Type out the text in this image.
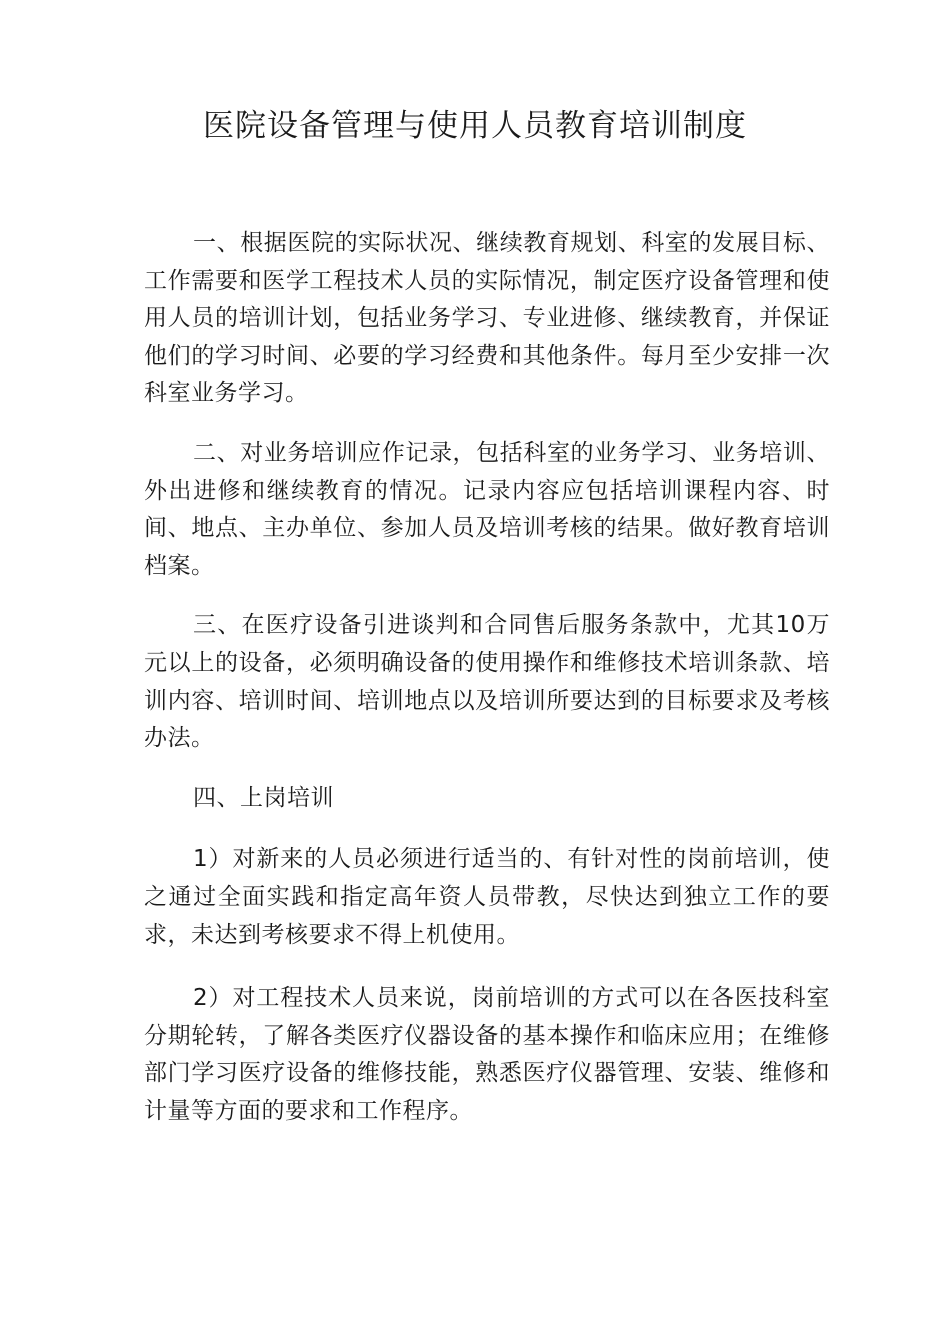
医院设备管理与使用人员教育培训制度

一、根据医院的实际状况、继续教育规划、科室的发展目标、工作需要和医学工程技术人员的实际情况，制定医疗设备管理和使用人员的培训计划，包括业务学习、专业进修、继续教育，并保证他们的学习时间、必要的学习经费和其他条件。每月至少安排一次科室业务学习。

二、对业务培训应作记录，包括科室的业务学习、业务培训、外出进修和继续教育的情况。记录内容应包括培训课程内容、时间、地点、主办单位、参加人员及培训考核的结果。做好教育培训档案。

三、在医疗设备引进谈判和合同售后服务条款中，尤其10万元以上的设备，必须明确设备的使用操作和维修技术培训条款、培训内容、培训时间、培训地点以及培训所要达到的目标要求及考核办法。

四、上岗培训

1）对新来的人员必须进行适当的、有针对性的岗前培训，使之通过全面实践和指定高年资人员带教，尽快达到独立工作的要求，未达到考核要求不得上机使用。

2）对工程技术人员来说，岗前培训的方式可以在各医技科室分期轮转，了解各类医疗仪器设备的基本操作和临床应用；在维修部门学习医疗设备的维修技能，熟悉医疗仪器管理、安装、维修和计量等方面的要求和工作程序。
